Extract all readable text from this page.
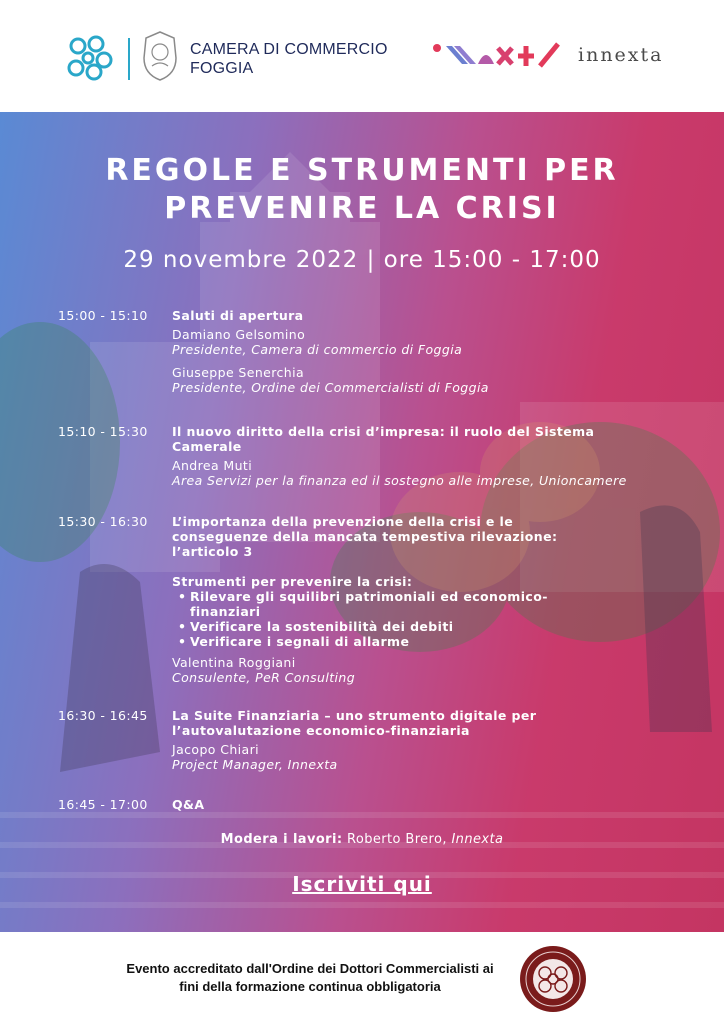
CAMERA DI COMMERCIO
FOGGIA
innexta
REGOLE E STRUMENTI PER
PREVENIRE LA CRISI
29 novembre 2022 | ore 15:00 - 17:00
15:00 - 15:10	Saluti di apertura
Damiano Gelsomino
Presidente, Camera di commercio di Foggia
Giuseppe Senerchia
Presidente, Ordine dei Commercialisti di Foggia
15:10 - 15:30	Il nuovo diritto della crisi d’impresa: il ruolo del Sistema Camerale
Andrea Muti
Area Servizi per la finanza ed il sostegno alle imprese, Unioncamere
15:30 - 16:30	L’importanza della prevenzione della crisi e le conseguenze della mancata tempestiva rilevazione: l’articolo 3
Strumenti per prevenire la crisi:
• Rilevare gli squilibri patrimoniali ed economico-finanziari
• Verificare la sostenibilità dei debiti
• Verificare i segnali di allarme
Valentina Roggiani
Consulente, PeR Consulting
16:30 - 16:45	La Suite Finanziaria – uno strumento digitale per l’autovalutazione economico-finanziaria
Jacopo Chiari
Project Manager, Innexta
16:45 - 17:00	Q&A
Modera i lavori: Roberto Brero, Innexta
Iscriviti qui
Evento accreditato dall'Ordine dei Dottori Commercialisti ai
fini della formazione continua obbligatoria
